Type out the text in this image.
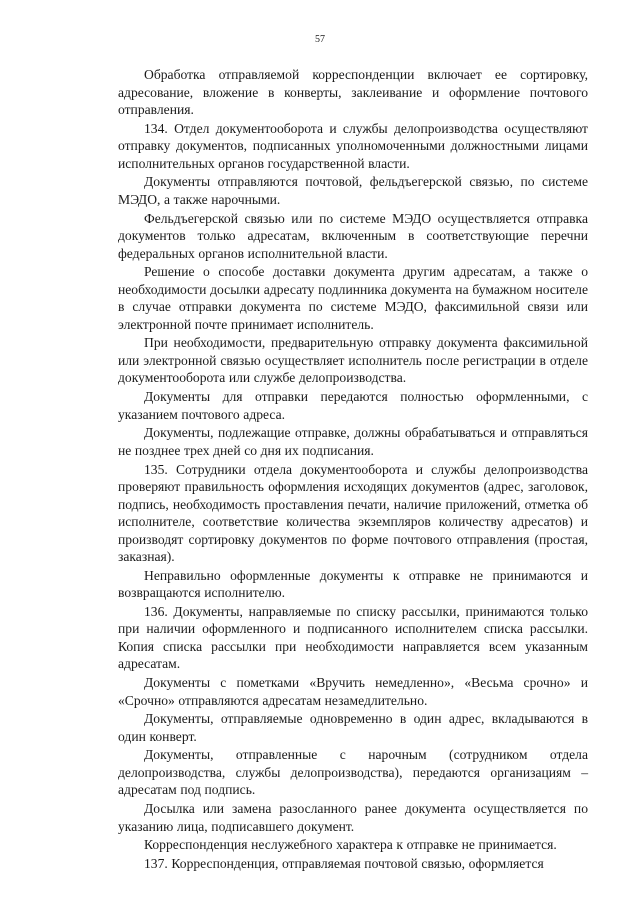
57

Обработка отправляемой корреспонденции включает ее сортировку, адресование, вложение в конверты, заклеивание и оформление почтового отправления.

134. Отдел документооборота и службы делопроизводства осуществляют отправку документов, подписанных уполномоченными должностными лицами исполнительных органов государственной власти.

Документы отправляются почтовой, фельдъегерской связью, по системе МЭДО, а также нарочными.

Фельдъегерской связью или по системе МЭДО осуществляется отправка документов только адресатам, включенным в соответствующие перечни федеральных органов исполнительной власти.

Решение о способе доставки документа другим адресатам, а также о необходимости досылки адресату подлинника документа на бумажном носителе в случае отправки документа по системе МЭДО, факсимильной связи или электронной почте принимает исполнитель.

При необходимости, предварительную отправку документа факсимильной или электронной связью осуществляет исполнитель после регистрации в отделе документооборота или службе делопроизводства.

Документы для отправки передаются полностью оформленными, с указанием почтового адреса.

Документы, подлежащие отправке, должны обрабатываться и отправляться не позднее трех дней со дня их подписания.

135. Сотрудники отдела документооборота и службы делопроизводства проверяют правильность оформления исходящих документов (адрес, заголовок, подпись, необходимость проставления печати, наличие приложений, отметка об исполнителе, соответствие количества экземпляров количеству адресатов) и производят сортировку документов по форме почтового отправления (простая, заказная).

Неправильно оформленные документы к отправке не принимаются и возвращаются исполнителю.

136. Документы, направляемые по списку рассылки, принимаются только при наличии оформленного и подписанного исполнителем списка рассылки. Копия списка рассылки при необходимости направляется всем указанным адресатам.

Документы с пометками «Вручить немедленно», «Весьма срочно» и «Срочно» отправляются адресатам незамедлительно.

Документы, отправляемые одновременно в один адрес, вкладываются в один конверт.

Документы, отправленные с нарочным (сотрудником отдела делопроизводства, службы делопроизводства), передаются организациям – адресатам под подпись.

Досылка или замена разосланного ранее документа осуществляется по указанию лица, подписавшего документ.

Корреспонденция неслужебного характера к отправке не принимается.

137. Корреспонденция, отправляемая почтовой связью, оформляется
